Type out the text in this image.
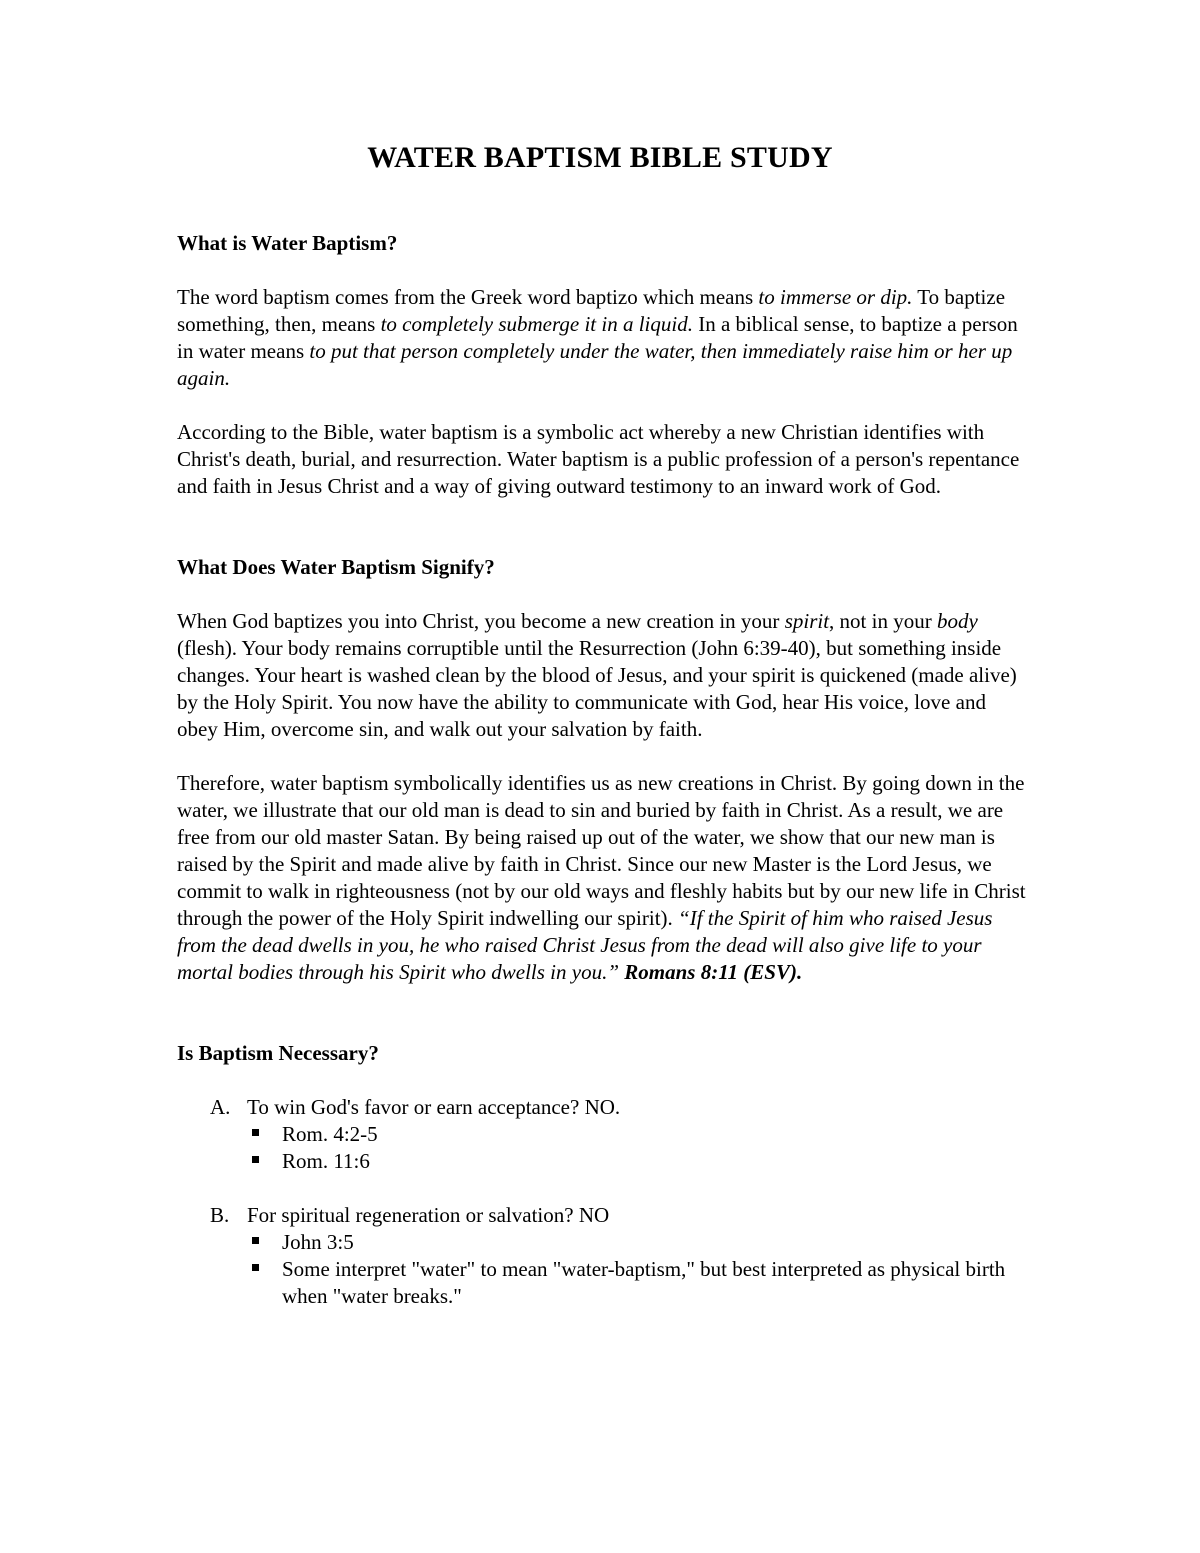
WATER BAPTISM BIBLE STUDY
What is Water Baptism?

The word baptism comes from the Greek word baptizo which means to immerse or dip. To baptize something, then, means to completely submerge it in a liquid. In a biblical sense, to baptize a person in water means to put that person completely under the water, then immediately raise him or her up again.

According to the Bible, water baptism is a symbolic act whereby a new Christian identifies with Christ's death, burial, and resurrection. Water baptism is a public profession of a person's repentance and faith in Jesus Christ and a way of giving outward testimony to an inward work of God.

What Does Water Baptism Signify?

When God baptizes you into Christ, you become a new creation in your spirit, not in your body (flesh). Your body remains corruptible until the Resurrection (John 6:39-40), but something inside changes. Your heart is washed clean by the blood of Jesus, and your spirit is quickened (made alive) by the Holy Spirit. You now have the ability to communicate with God, hear His voice, love and obey Him, overcome sin, and walk out your salvation by faith.

Therefore, water baptism symbolically identifies us as new creations in Christ. By going down in the water, we illustrate that our old man is dead to sin and buried by faith in Christ. As a result, we are free from our old master Satan. By being raised up out of the water, we show that our new man is raised by the Spirit and made alive by faith in Christ. Since our new Master is the Lord Jesus, we commit to walk in righteousness (not by our old ways and fleshly habits but by our new life in Christ through the power of the Holy Spirit indwelling our spirit). “If the Spirit of him who raised Jesus from the dead dwells in you, he who raised Christ Jesus from the dead will also give life to your mortal bodies through his Spirit who dwells in you.” Romans 8:11 (ESV).

Is Baptism Necessary?
A. To win God's favor or earn acceptance? NO.
Rom. 4:2-5
Rom. 11:6
B. For spiritual regeneration or salvation? NO
John 3:5
Some interpret "water" to mean "water-baptism," but best interpreted as physical birth when "water breaks."
